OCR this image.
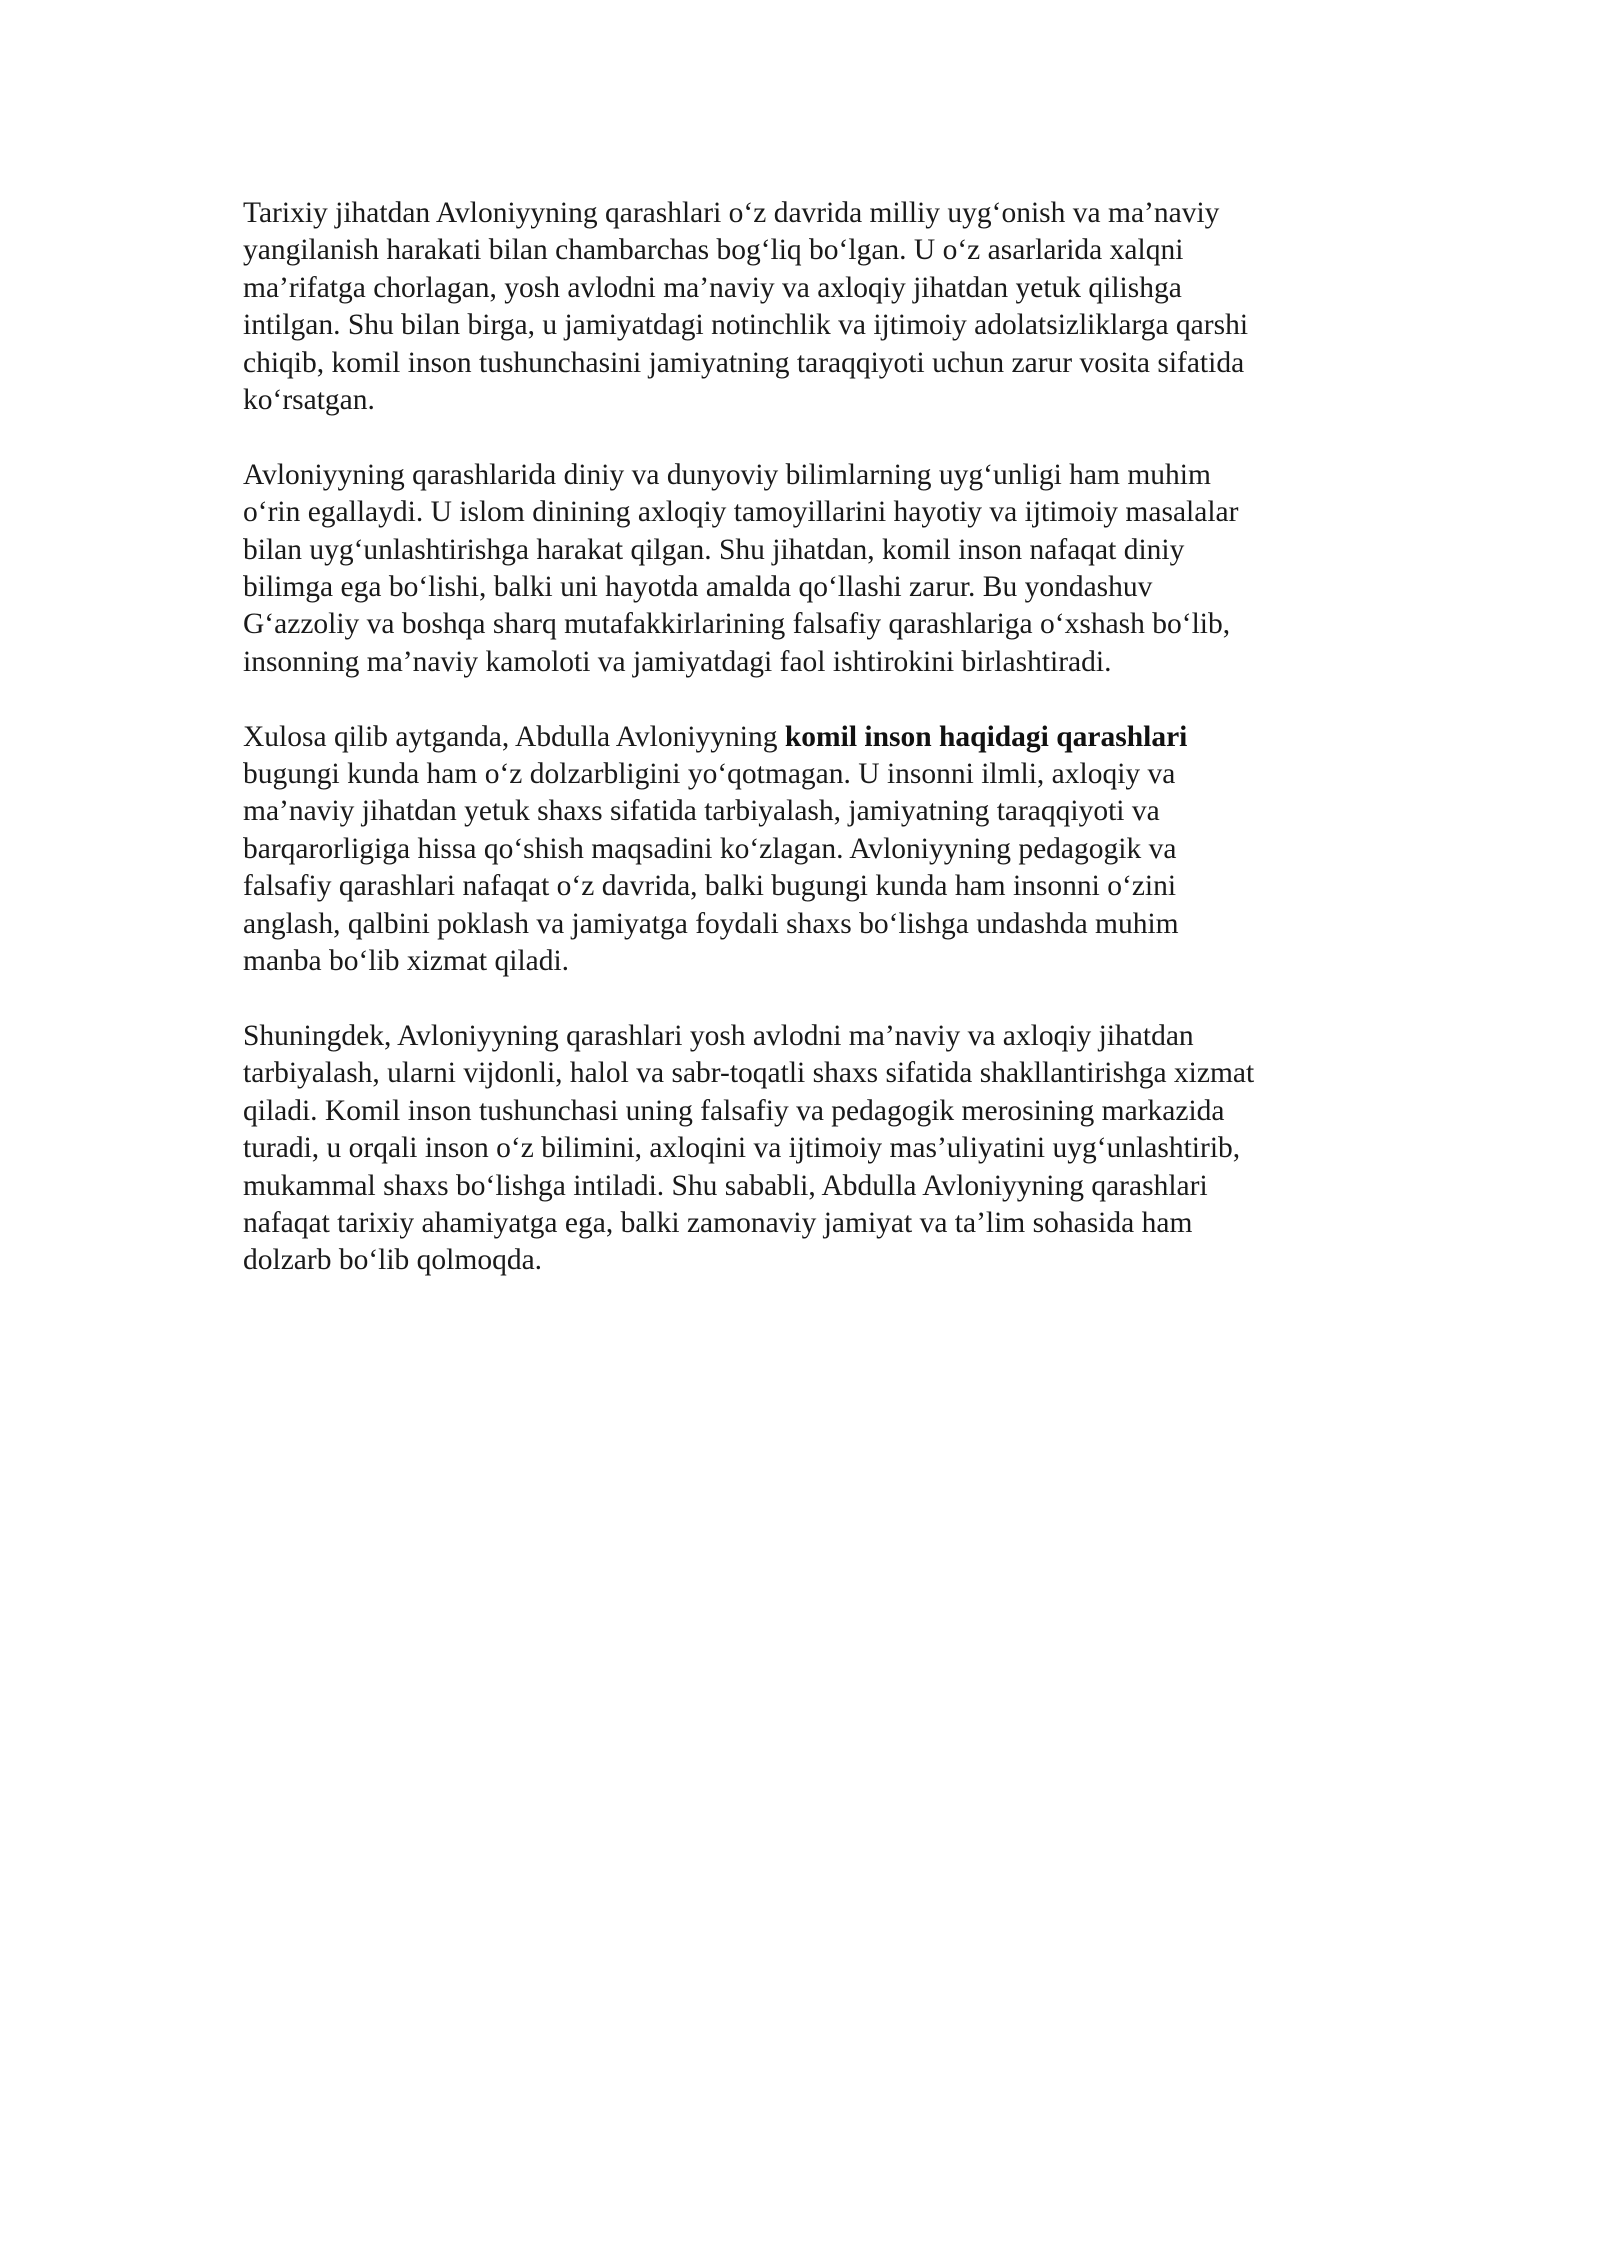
Tarixiy jihatdan Avloniyyning qarashlari o‘z davrida milliy uyg‘onish va ma’naviy
yangilanish harakati bilan chambarchas bog‘liq bo‘lgan. U o‘z asarlarida xalqni
ma’rifatga chorlagan, yosh avlodni ma’naviy va axloqiy jihatdan yetuk qilishga
intilgan. Shu bilan birga, u jamiyatdagi notinchlik va ijtimoiy adolatsizliklarga qarshi
chiqib, komil inson tushunchasini jamiyatning taraqqiyoti uchun zarur vosita sifatida
ko‘rsatgan.

Avloniyyning qarashlarida diniy va dunyoviy bilimlarning uyg‘unligi ham muhim
o‘rin egallaydi. U islom dinining axloqiy tamoyillarini hayotiy va ijtimoiy masalalar
bilan uyg‘unlashtirishga harakat qilgan. Shu jihatdan, komil inson nafaqat diniy
bilimga ega bo‘lishi, balki uni hayotda amalda qo‘llashi zarur. Bu yondashuv
G‘azzoliy va boshqa sharq mutafakkirlarining falsafiy qarashlariga o‘xshash bo‘lib,
insonning ma’naviy kamoloti va jamiyatdagi faol ishtirokini birlashtiradi.

Xulosa qilib aytganda, Abdulla Avloniyyning komil inson haqidagi qarashlari
bugungi kunda ham o‘z dolzarbligini yo‘qotmagan. U insonni ilmli, axloqiy va
ma’naviy jihatdan yetuk shaxs sifatida tarbiyalash, jamiyatning taraqqiyoti va
barqarorligiga hissa qo‘shish maqsadini ko‘zlagan. Avloniyyning pedagogik va
falsafiy qarashlari nafaqat o‘z davrida, balki bugungi kunda ham insonni o‘zini
anglash, qalbini poklash va jamiyatga foydali shaxs bo‘lishga undashda muhim
manba bo‘lib xizmat qiladi.

Shuningdek, Avloniyyning qarashlari yosh avlodni ma’naviy va axloqiy jihatdan
tarbiyalash, ularni vijdonli, halol va sabr-toqatli shaxs sifatida shakllantirishga xizmat
qiladi. Komil inson tushunchasi uning falsafiy va pedagogik merosining markazida
turadi, u orqali inson o‘z bilimini, axloqini va ijtimoiy mas’uliyatini uyg‘unlashtirib,
mukammal shaxs bo‘lishga intiladi. Shu sababli, Abdulla Avloniyyning qarashlari
nafaqat tarixiy ahamiyatga ega, balki zamonaviy jamiyat va ta’lim sohasida ham
dolzarb bo‘lib qolmoqda.
